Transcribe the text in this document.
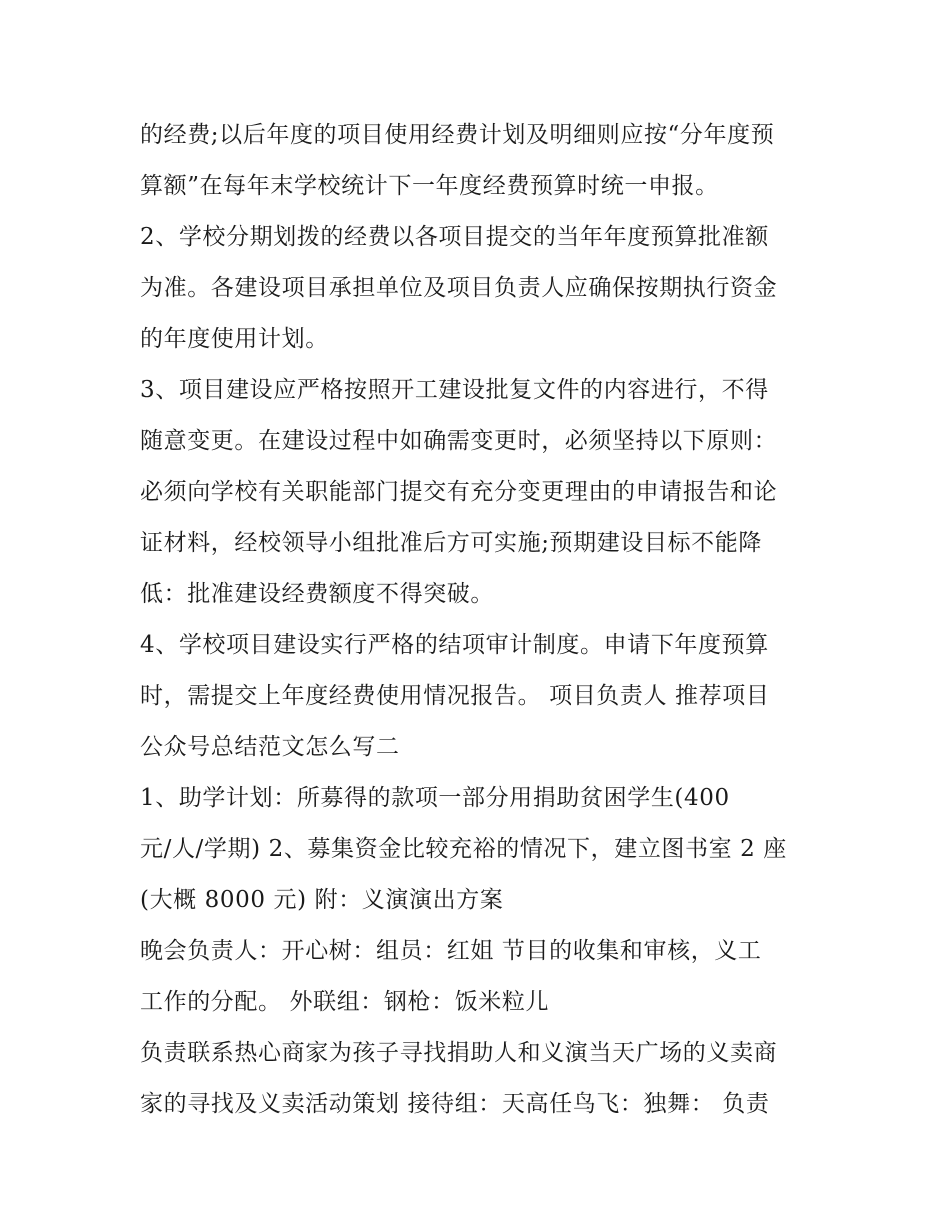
的经费;以后年度的项目使用经费计划及明细则应按“分年度预
算额”在每年末学校统计下一年度经费预算时统一申报。
2、学校分期划拨的经费以各项目提交的当年年度预算批准额
为准。各建设项目承担单位及项目负责人应确保按期执行资金
的年度使用计划。
3、项目建设应严格按照开工建设批复文件的内容进行，不得
随意变更。在建设过程中如确需变更时，必须坚持以下原则：
必须向学校有关职能部门提交有充分变更理由的申请报告和论
证材料，经校领导小组批准后方可实施;预期建设目标不能降
低：批准建设经费额度不得突破。
4、学校项目建设实行严格的结项审计制度。申请下年度预算
时，需提交上年度经费使用情况报告。 项目负责人 推荐项目
公众号总结范文怎么写二
1、助学计划：所募得的款项一部分用捐助贫困学生(400
元/人/学期) 2、募集资金比较充裕的情况下，建立图书室 2 座
(大概 8000 元) 附：义演演出方案
晚会负责人：开心树：组员：红姐 节目的收集和审核，义工
工作的分配。 外联组：钢枪：饭米粒儿
负责联系热心商家为孩子寻找捐助人和义演当天广场的义卖商
家的寻找及义卖活动策划 接待组：天高任鸟飞：独舞： 负责
